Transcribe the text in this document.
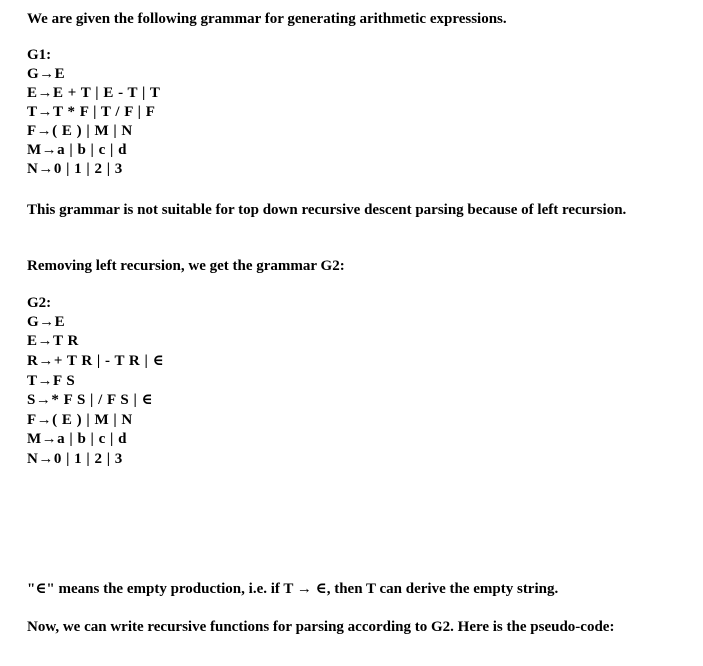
We are given the following grammar for generating arithmetic expressions.
G1:
G→E
E→E + T | E - T | T
T→T * F | T / F | F
F→( E ) | M | N
M→a | b | c | d
N→0 | 1 | 2 | 3
This grammar is not suitable for top down recursive descent parsing because of left recursion.
Removing left recursion, we get the grammar G2:
G2:
G→E
E→T R
R→+ T R | - T R | ∈
T→F S
S→* F S | / F S | ∈
F→( E ) | M | N
M→a | b | c | d
N→0 | 1 | 2 | 3
"∈" means the empty production, i.e. if T → ∈, then T can derive the empty string.
Now, we can write recursive functions for parsing according to G2. Here is the pseudo-code:
